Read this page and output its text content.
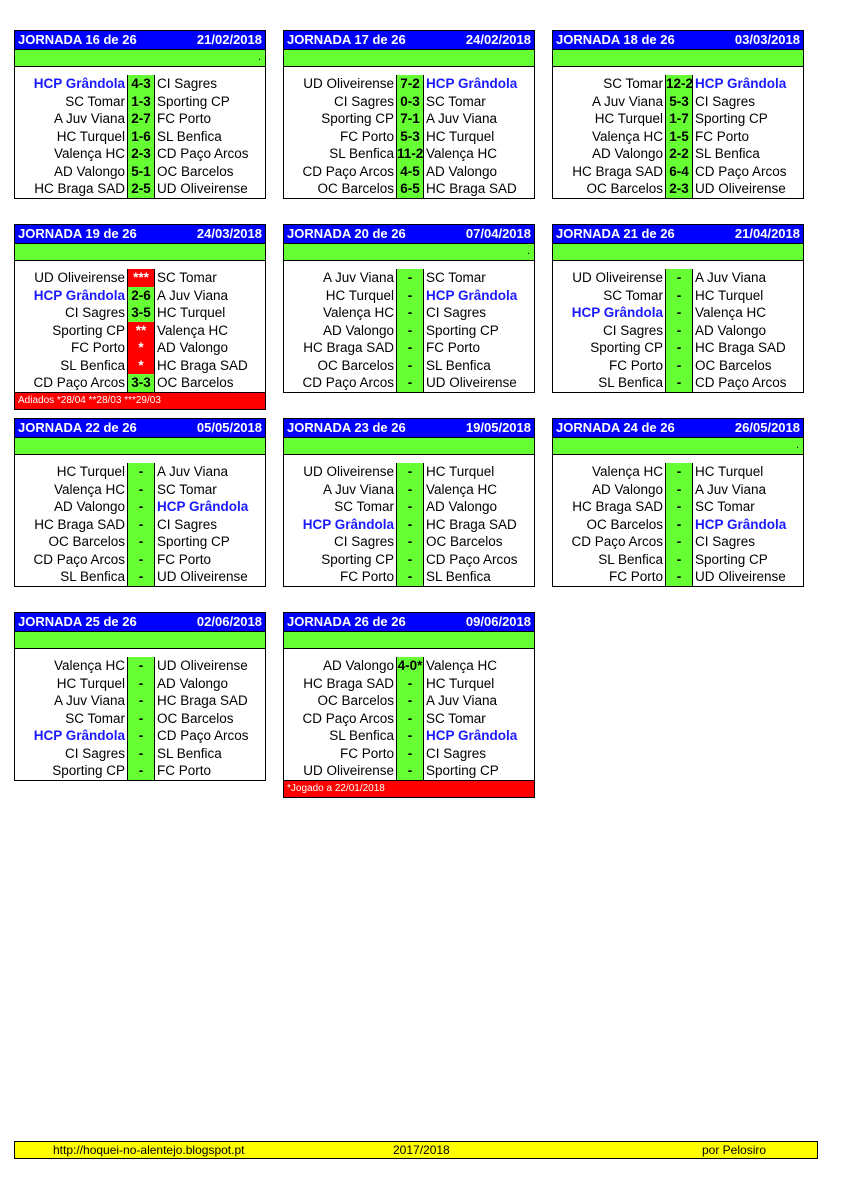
JORNADA 16 de 26	21/02/2018
.
HCP Grândola 4-3 CI Sagres
SC Tomar 1-3 Sporting CP
A Juv Viana 2-7 FC Porto
HC Turquel 1-6 SL Benfica
Valença HC 2-3 CD Paço Arcos
AD Valongo 5-1 OC Barcelos
HC Braga SAD 2-5 UD Oliveirense
JORNADA 17 de 26	24/02/2018
UD Oliveirense 7-2 HCP Grândola
CI Sagres 0-3 SC Tomar
Sporting CP 7-1 A Juv Viana
FC Porto 5-3 HC Turquel
SL Benfica 11-2 Valença HC
CD Paço Arcos 4-5 AD Valongo
OC Barcelos 6-5 HC Braga SAD
JORNADA 18 de 26	03/03/2018
SC Tomar 12-2 HCP Grândola
A Juv Viana 5-3 CI Sagres
HC Turquel 1-7 Sporting CP
Valença HC 1-5 FC Porto
AD Valongo 2-2 SL Benfica
HC Braga SAD 6-4 CD Paço Arcos
OC Barcelos 2-3 UD Oliveirense
JORNADA 19 de 26	24/03/2018
UD Oliveirense *** SC Tomar
HCP Grândola 2-6 A Juv Viana
CI Sagres 3-5 HC Turquel
Sporting CP ** Valença HC
FC Porto * AD Valongo
SL Benfica * HC Braga SAD
CD Paço Arcos 3-3 OC Barcelos
Adiados *28/04 **28/03 ***29/03
JORNADA 20 de 26	07/04/2018
.
A Juv Viana	-	SC Tomar
HC Turquel	-	HCP Grândola
Valença HC	-	CI Sagres
AD Valongo	-	Sporting CP
HC Braga SAD	-	FC Porto
OC Barcelos	-	SL Benfica
CD Paço Arcos	-	UD Oliveirense
JORNADA 21 de 26	21/04/2018
UD Oliveirense	-	A Juv Viana
SC Tomar	-	HC Turquel
HCP Grândola	-	Valença HC
CI Sagres	-	AD Valongo
Sporting CP	-	HC Braga SAD
FC Porto	-	OC Barcelos
SL Benfica	-	CD Paço Arcos
JORNADA 22 de 26	05/05/2018
HC Turquel	-	A Juv Viana
Valença HC	-	SC Tomar
AD Valongo	-	HCP Grândola
HC Braga SAD	-	CI Sagres
OC Barcelos	-	Sporting CP
CD Paço Arcos	-	FC Porto
SL Benfica	-	UD Oliveirense
JORNADA 23 de 26	19/05/2018
UD Oliveirense	-	HC Turquel
A Juv Viana	-	Valença HC
SC Tomar	-	AD Valongo
HCP Grândola	-	HC Braga SAD
CI Sagres	-	OC Barcelos
Sporting CP	-	CD Paço Arcos
FC Porto	-	SL Benfica
JORNADA 24 de 26	26/05/2018
.
Valença HC	-	HC Turquel
AD Valongo	-	A Juv Viana
HC Braga SAD	-	SC Tomar
OC Barcelos	-	HCP Grândola
CD Paço Arcos	-	CI Sagres
SL Benfica	-	Sporting CP
FC Porto	-	UD Oliveirense
JORNADA 25 de 26	02/06/2018
Valença HC	-	UD Oliveirense
HC Turquel	-	AD Valongo
A Juv Viana	-	HC Braga SAD
SC Tomar	-	OC Barcelos
HCP Grândola	-	CD Paço Arcos
CI Sagres	-	SL Benfica
Sporting CP	-	FC Porto
JORNADA 26 de 26	09/06/2018
AD Valongo 4-0* Valença HC
HC Braga SAD	-	HC Turquel
OC Barcelos	-	A Juv Viana
CD Paço Arcos	-	SC Tomar
SL Benfica	-	HCP Grândola
FC Porto	-	CI Sagres
UD Oliveirense	-	Sporting CP
*Jogado a 22/01/2018
http://hoquei-no-alentejo.blogspot.pt	2017/2018	por Pelosiro
